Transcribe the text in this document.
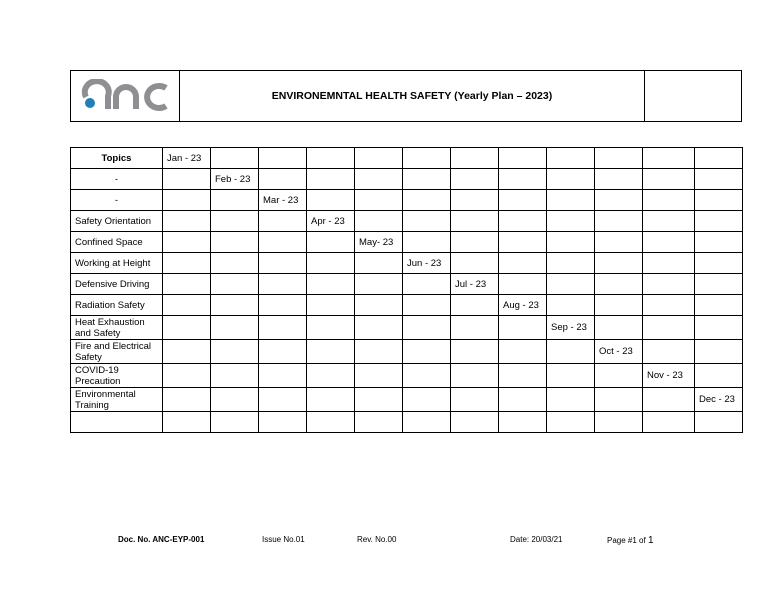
ENVIRONEMNTAL HEALTH SAFETY (Yearly Plan – 2023)
Topics	Jan - 23											
-		Feb - 23										
-			Mar - 23									
Safety Orientation				Apr - 23								
Confined Space					May- 23							
Working at Height						Jun - 23						
Defensive Driving							Jul - 23					
Radiation Safety								Aug - 23				
Heat Exhaustion and Safety									Sep - 23			
Fire and Electrical Safety										Oct - 23		
COVID-19 Precaution											Nov - 23	
Environmental Training												Dec - 23

Doc. No. ANC-EYP-001	Issue No.01	Rev. No.00	Date: 20/03/21	Page #1 of 1
